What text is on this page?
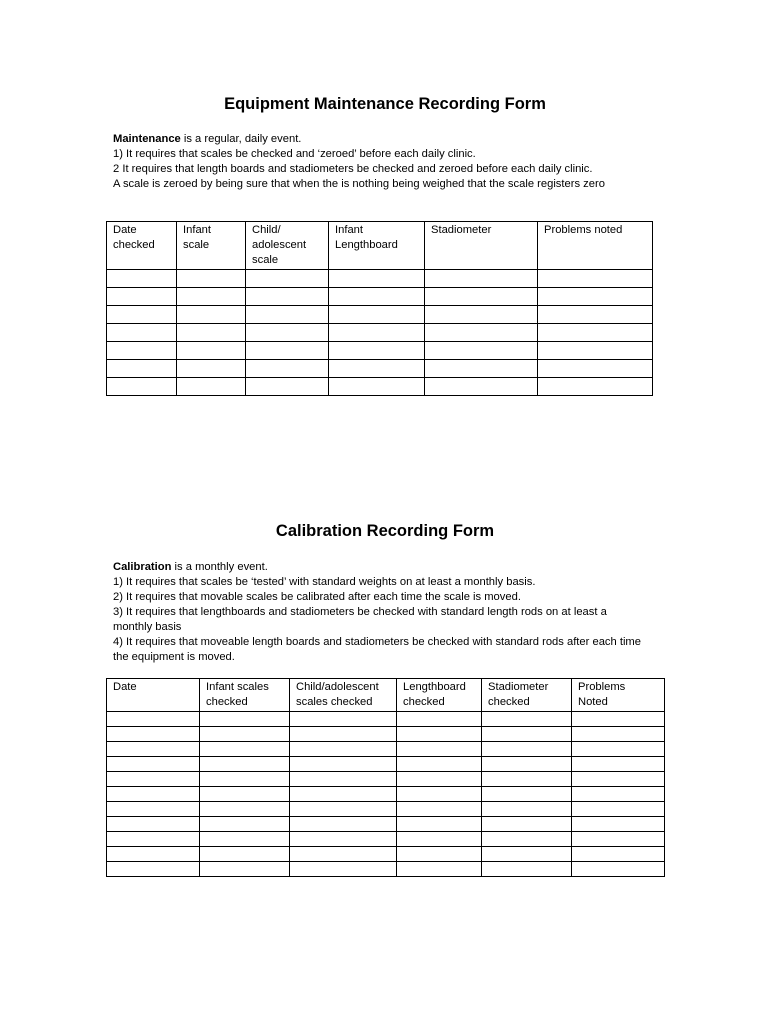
Equipment Maintenance Recording Form

Maintenance is a regular, daily event.

1) It requires that scales be checked and ‘zeroed’ before each daily clinic.

2 It requires that length boards and stadiometers be checked and zeroed before each daily clinic.

A scale is zeroed by being sure that when the is nothing being weighed that the scale registers zero

Date checked	Infant scale	Child/ adolescent scale	Infant Lengthboard	Stadiometer	Problems noted

Calibration Recording Form

Calibration is a monthly event.

1) It requires that scales be ‘tested’ with standard weights on at least a monthly basis.

2) It requires that movable scales be calibrated after each time the scale is moved.

3) It requires that lengthboards and stadiometers be checked with standard length rods on at least a monthly basis

4) It requires that moveable length boards and stadiometers be checked with standard rods after each time the equipment is moved.

Date	Infant scales checked	Child/adolescent scales checked	Lengthboard checked	Stadiometer checked	Problems Noted
